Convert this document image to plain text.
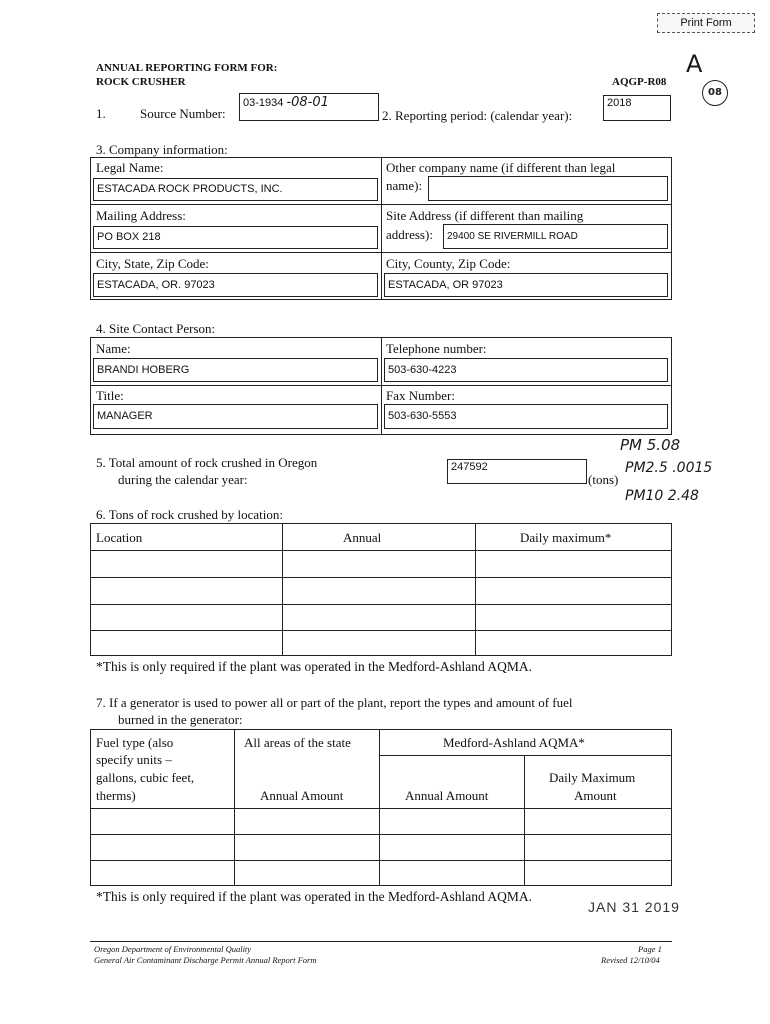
Print Form
ANNUAL REPORTING FORM FOR:
ROCK CRUSHER	AQGP-R08
A
08
1.	Source Number:
03-1934 -08-01
2. Reporting period: (calendar year):
2018
3. Company information:
Legal Name:
ESTACADA ROCK PRODUCTS, INC.
Other company name (if different than legal
name):
Mailing Address:
PO BOX 218
Site Address (if different than mailing
address):	29400 SE RIVERMILL ROAD
City, State, Zip Code:
ESTACADA, OR. 97023
City, County, Zip Code:
ESTACADA, OR 97023
4. Site Contact Person:
Name:
BRANDI HOBERG
Telephone number:
503-630-4223
Title:
MANAGER
Fax Number:
503-630-5553
PM 5.08
PM2.5 .0015
PM10 2.48
5. Total amount of rock crushed in Oregon
during the calendar year:
247592
(tons)
6. Tons of rock crushed by location:
Location	Annual	Daily maximum*
*This is only required if the plant was operated in the Medford-Ashland AQMA.
7. If a generator is used to power all or part of the plant, report the types and amount of fuel
burned in the generator:
Fuel type (also
specify units –
gallons, cubic feet,
therms)
All areas of the state	Medford-Ashland AQMA*
Annual Amount	Annual Amount
Daily Maximum
Amount
*This is only required if the plant was operated in the Medford-Ashland AQMA.
JAN 31 2019
Oregon Department of Environmental Quality
General Air Contaminant Discharge Permit Annual Report Form
Page 1
Revised 12/10/04
